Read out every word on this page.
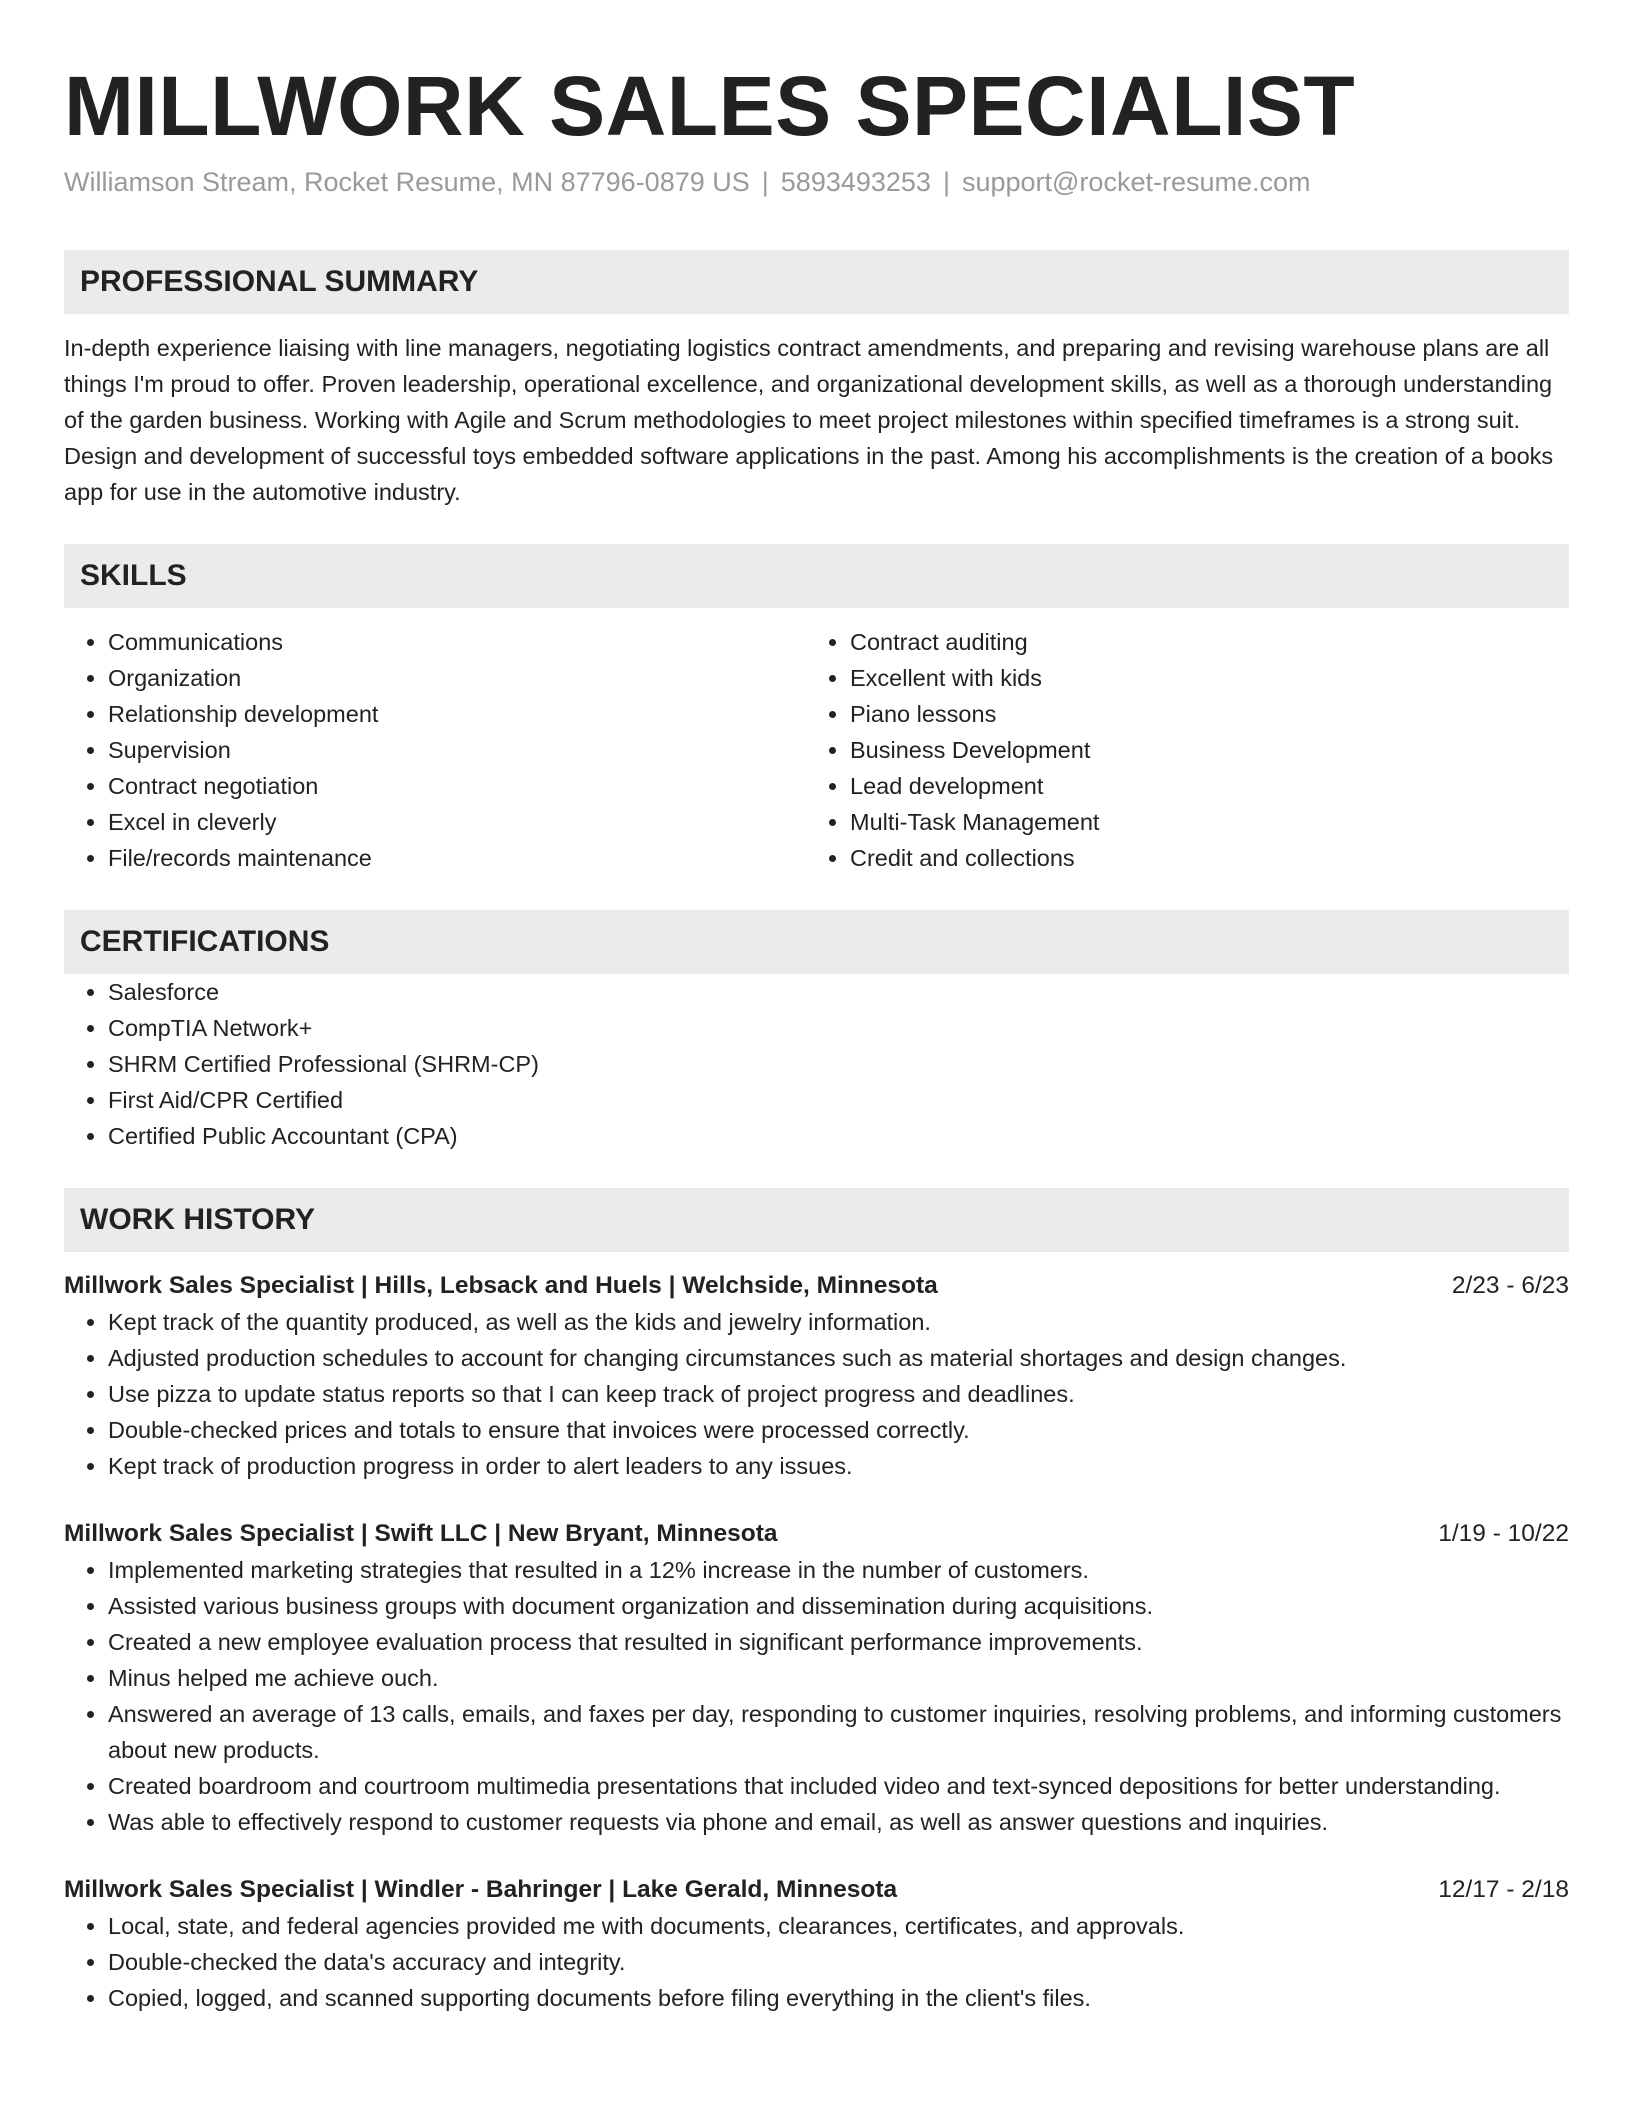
MILLWORK SALES SPECIALIST
Williamson Stream, Rocket Resume, MN 87796-0879 US | 5893493253 | support@rocket-resume.com
PROFESSIONAL SUMMARY

In-depth experience liaising with line managers, negotiating logistics contract amendments, and preparing and revising warehouse plans are all things I'm proud to offer. Proven leadership, operational excellence, and organizational development skills, as well as a thorough understanding of the garden business. Working with Agile and Scrum methodologies to meet project milestones within specified timeframes is a strong suit. Design and development of successful toys embedded software applications in the past. Among his accomplishments is the creation of a books app for use in the automotive industry.

SKILLS
• Communications
• Organization
• Relationship development
• Supervision
• Contract negotiation
• Excel in cleverly
• File/records maintenance
• Contract auditing
• Excellent with kids
• Piano lessons
• Business Development
• Lead development
• Multi-Task Management
• Credit and collections
CERTIFICATIONS
• Salesforce
• CompTIA Network+
• SHRM Certified Professional (SHRM-CP)
• First Aid/CPR Certified
• Certified Public Accountant (CPA)
WORK HISTORY
Millwork Sales Specialist | Hills, Lebsack and Huels | Welchside, Minnesota	2/23 - 6/23
• Kept track of the quantity produced, as well as the kids and jewelry information.
• Adjusted production schedules to account for changing circumstances such as material shortages and design changes.
• Use pizza to update status reports so that I can keep track of project progress and deadlines.
• Double-checked prices and totals to ensure that invoices were processed correctly.
• Kept track of production progress in order to alert leaders to any issues.
Millwork Sales Specialist | Swift LLC | New Bryant, Minnesota	1/19 - 10/22
• Implemented marketing strategies that resulted in a 12% increase in the number of customers.
• Assisted various business groups with document organization and dissemination during acquisitions.
• Created a new employee evaluation process that resulted in significant performance improvements.
• Minus helped me achieve ouch.
• Answered an average of 13 calls, emails, and faxes per day, responding to customer inquiries, resolving problems, and informing customers about new products.
• Created boardroom and courtroom multimedia presentations that included video and text-synced depositions for better understanding.
• Was able to effectively respond to customer requests via phone and email, as well as answer questions and inquiries.
Millwork Sales Specialist | Windler - Bahringer | Lake Gerald, Minnesota	12/17 - 2/18
• Local, state, and federal agencies provided me with documents, clearances, certificates, and approvals.
• Double-checked the data's accuracy and integrity.
• Copied, logged, and scanned supporting documents before filing everything in the client's files.
